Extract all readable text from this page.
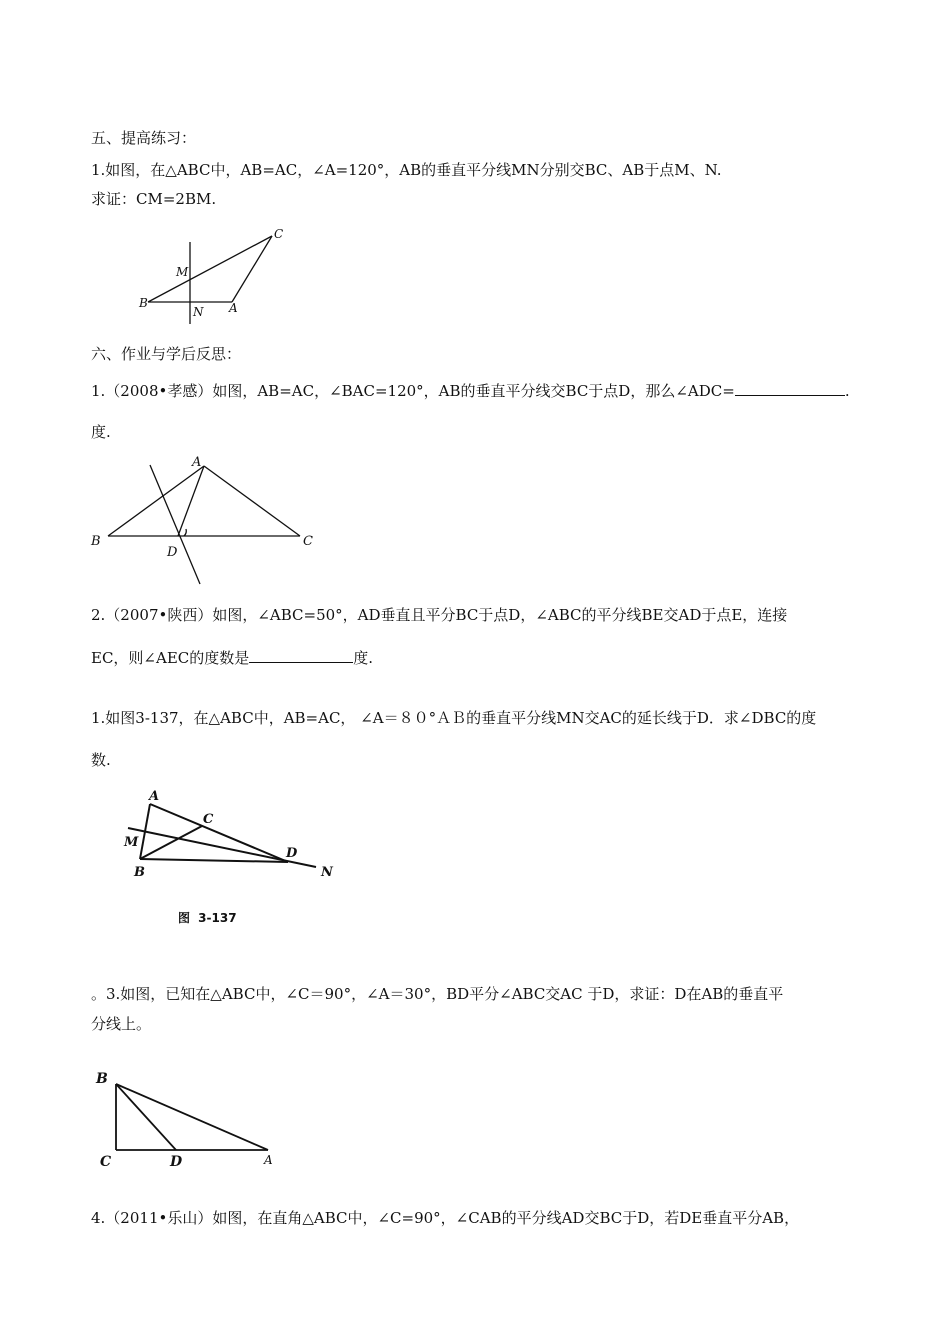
五、提高练习：
1.如图，在△ABC中，AB=AC，∠A=120°，AB的垂直平分线MN分别交BC、AB于点M、N.
求证：CM=2BM.
C
M
B
N A
六、作业与学后反思：
1.（2008•孝感）如图，AB=AC，∠BAC=120°，AB的垂直平分线交BC于点D，那么∠ADC=	.
度.
A
B	C
D
2.（2007•陕西）如图，∠ABC=50°，AD垂直且平分BC于点D，∠ABC的平分线BE交AD于点E，连接
EC，则∠AEC的度数是	度.
1.如图3-137，在△ABC中，AB=AC， ∠A＝８０°ＡＢ的垂直平分线MN交AC的延长线于D．求∠DBC的度
数.
A
C
M
D
B	N
图 3-137
。3.如图，已知在△ABC中，∠C＝90°，∠A＝30°，BD平分∠ABC交AC 于D，求证：D在AB的垂直平
分线上。
B
C	D	A
4.（2011•乐山）如图，在直角△ABC中，∠C=90°，∠CAB的平分线AD交BC于D，若DE垂直平分AB，
